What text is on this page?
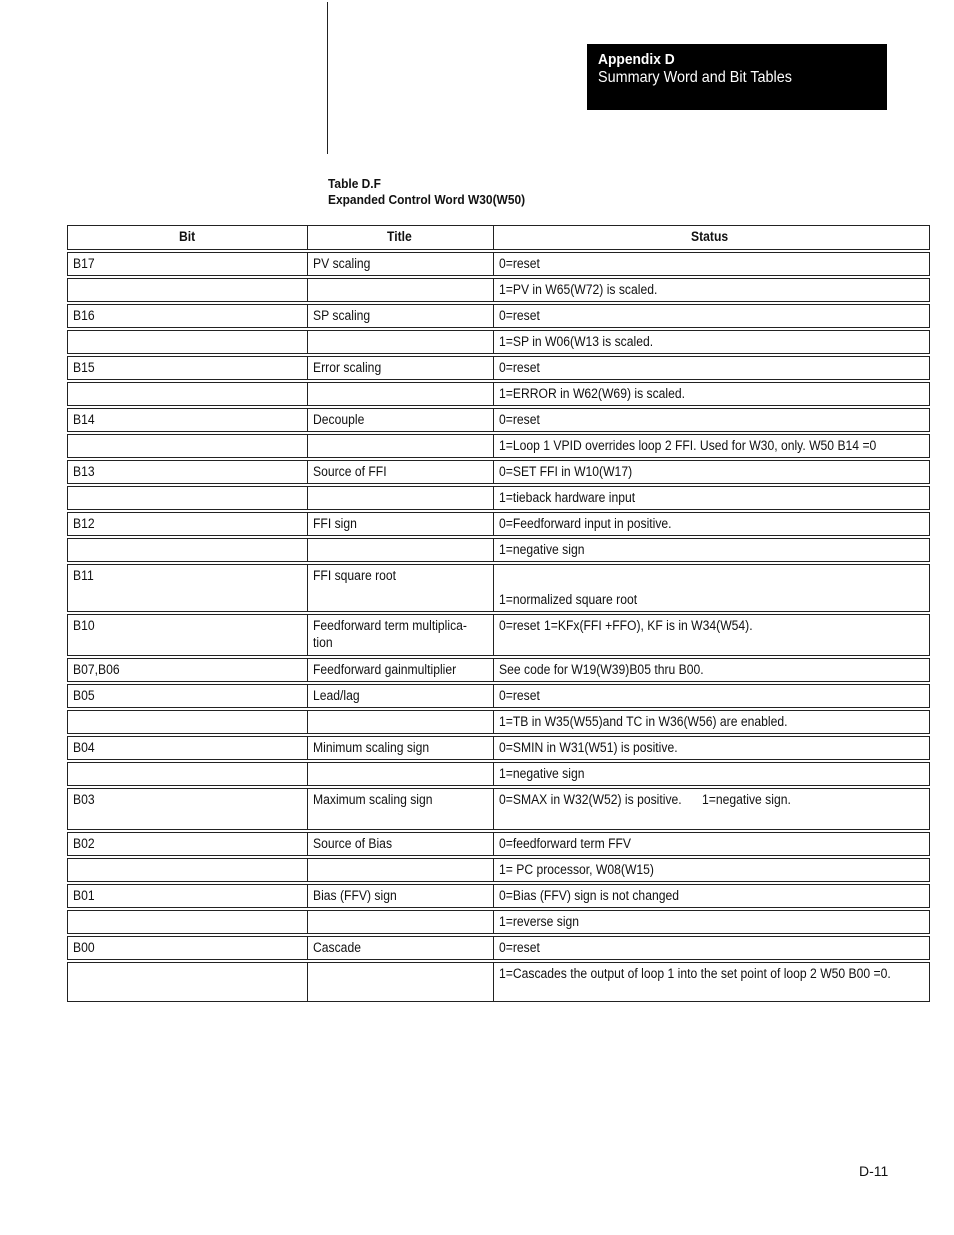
Appendix D
Summary Word and Bit Tables
Table D.F
Expanded Control Word W30(W50)
Bit	Title	Status
B17	PV scaling	0=reset
		1=PV in W65(W72) is scaled.
B16	SP scaling	0=reset
		1=SP in W06(W13 is scaled.
B15	Error scaling	0=reset
		1=ERROR in W62(W69) is scaled.
B14	Decouple	0=reset
		1=Loop 1 VPID overrides loop 2 FFI. Used for W30, only. W50 B14 =0
B13	Source of FFI	0=SET FFI in W10(W17)
		1=tieback hardware input
B12	FFI sign	0=Feedforward input in positive.
		1=negative sign
B11	FFI square root	1=normalized square root
B10	Feedforward term multiplica-tion	0=reset 1=KFx(FFI +FFO), KF is in W34(W54).
B07,B06	Feedforward gainmultiplier	See code for W19(W39)B05 thru B00.
B05	Lead/lag	0=reset
		1=TB in W35(W55)and TC in W36(W56) are enabled.
B04	Minimum scaling sign	0=SMIN in W31(W51) is positive.
		1=negative sign
B03	Maximum scaling sign	0=SMAX in W32(W52) is positive. 1=negative sign.
B02	Source of Bias	0=feedforward term FFV
		1= PC processor, W08(W15)
B01	Bias (FFV) sign	0=Bias (FFV) sign is not changed
		1=reverse sign
B00	Cascade	0=reset

		1=Cascades the output of loop 1 into the set point of loop 2 W50 B00 =0.
D-11
